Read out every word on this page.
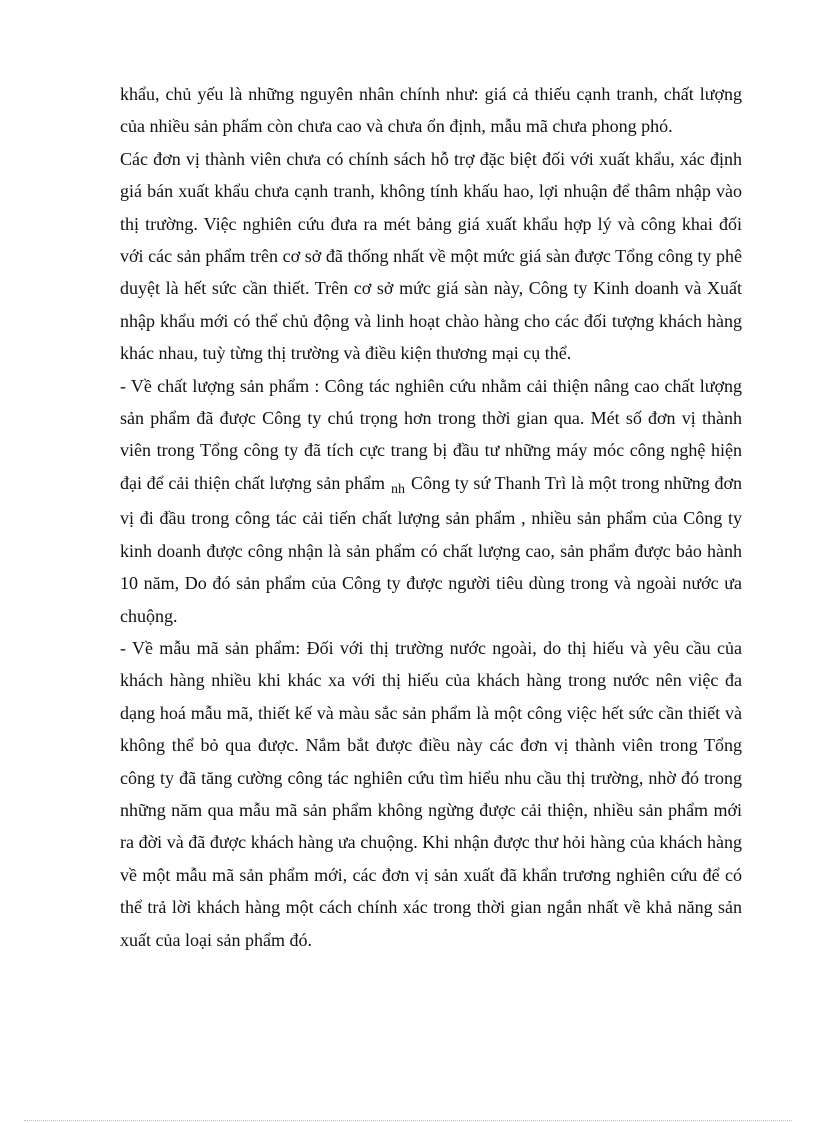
khẩu, chủ yếu là những nguyên nhân chính như: giá cả thiếu cạnh tranh, chất lượng của nhiều sản phẩm còn chưa cao và chưa ổn định, mẫu mã chưa phong phó.

Các đơn vị thành viên chưa có chính sách hỗ trợ đặc biệt đối với xuất khẩu, xác định giá bán xuất khẩu chưa cạnh tranh, không tính khấu hao, lợi nhuận để thâm nhập vào thị trường. Việc nghiên cứu đưa ra mét bảng giá xuất khẩu hợp lý và công khai đối với các sản phẩm trên cơ sở đã thống nhất về một mức giá sàn được Tổng công ty phê duyệt là hết sức cần thiết. Trên cơ sở mức giá sàn này, Công ty Kinh doanh và Xuất nhập khẩu mới có thể chủ động và linh hoạt chào hàng cho các đối tượng khách hàng khác nhau, tuỳ từng thị trường và điều kiện thương mại cụ thể.

- Về chất lượng sản phẩm : Công tác nghiên cứu nhằm cải thiện nâng cao chất lượng sản phẩm đã được Công ty chú trọng hơn trong thời gian qua. Mét số đơn vị thành viên trong Tổng công ty đã tích cực trang bị đầu tư những máy móc công nghệ hiện đại để cải thiện chất lượng sản phẩm nh Công ty sứ Thanh Trì là một trong những đơn vị đi đầu trong công tác cải tiến chất lượng sản phẩm , nhiều sản phẩm của Công ty kinh doanh được công nhận là sản phẩm có chất lượng cao, sản phẩm được bảo hành 10 năm, Do đó sản phẩm của Công ty được người tiêu dùng trong và ngoài nước ưa chuộng.

- Về mẫu mã sản phẩm: Đối với thị trường nước ngoài, do thị hiếu và yêu cầu của khách hàng nhiều khi khác xa với thị hiếu của khách hàng trong nước nên việc đa dạng hoá mẫu mã, thiết kế và màu sắc sản phẩm là một công việc hết sức cần thiết và không thể bỏ qua được. Nắm bắt được điều này các đơn vị thành viên trong Tổng công ty đã tăng cường công tác nghiên cứu tìm hiểu nhu cầu thị trường, nhờ đó trong những năm qua mẫu mã sản phẩm không ngừng được cải thiện, nhiều sản phẩm mới ra đời và đã được khách hàng ưa chuộng. Khi nhận được thư hỏi hàng của khách hàng về một mẫu mã sản phẩm mới, các đơn vị sản xuất đã khẩn trương nghiên cứu để có thể trả lời khách hàng một cách chính xác trong thời gian ngắn nhất về khả năng sản xuất của loại sản phẩm đó.
